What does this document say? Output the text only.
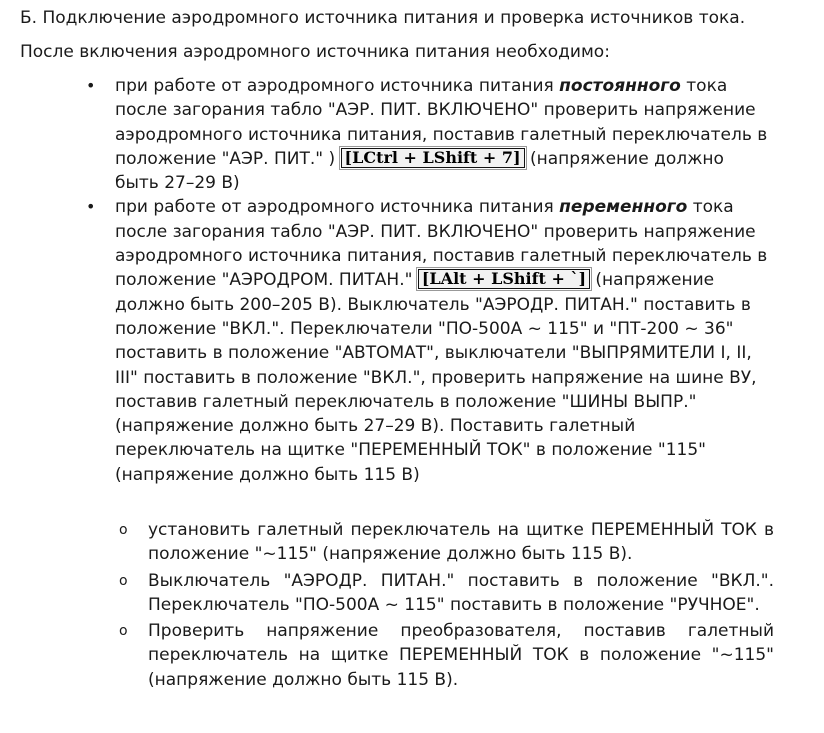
Б. Подключение аэродромного источника питания и проверка источников тока.
После включения аэродромного источника питания необходимо:
• при работе от аэродромного источника питания постоянного тока после загорания табло "АЭР. ПИТ. ВКЛЮЧЕНО" проверить напряжение аэродромного источника питания, поставив галетный переключатель в положение "АЭР. ПИТ." ) [LCtrl + LShift + 7] (напряжение должно быть 27–29 В)
• при работе от аэродромного источника питания переменного тока после загорания табло "АЭР. ПИТ. ВКЛЮЧЕНО" проверить напряжение аэродромного источника питания, поставив галетный переключатель в положение "АЭРОДРОМ. ПИТАН." [LAlt + LShift + `] (напряжение должно быть 200–205 В). Выключатель "АЭРОДР. ПИТАН." поставить в положение "ВКЛ.". Переключатели "ПО-500А ~ 115" и "ПТ-200 ~ 36" поставить в положение "АВТОМАТ", выключатели "ВЫПРЯМИТЕЛИ I, II, III" поставить в положение "ВКЛ.", проверить напряжение на шине ВУ, поставив галетный переключатель в положение "ШИНЫ ВЫПР." (напряжение должно быть 27–29 В). Поставить галетный переключатель на щитке "ПЕРЕМЕННЫЙ ТОК" в положение "115" (напряжение должно быть 115 В)
o установить галетный переключатель на щитке ПЕРЕМЕННЫЙ ТОК в положение "~115" (напряжение должно быть 115 В).
o Выключатель "АЭРОДР. ПИТАН." поставить в положение "ВКЛ.". Переключатель "ПО-500А ~ 115" поставить в положение "РУЧНОЕ".
o Проверить напряжение преобразователя, поставив галетный переключатель на щитке ПЕРЕМЕННЫЙ ТОК в положение "~115" (напряжение должно быть 115 В).
